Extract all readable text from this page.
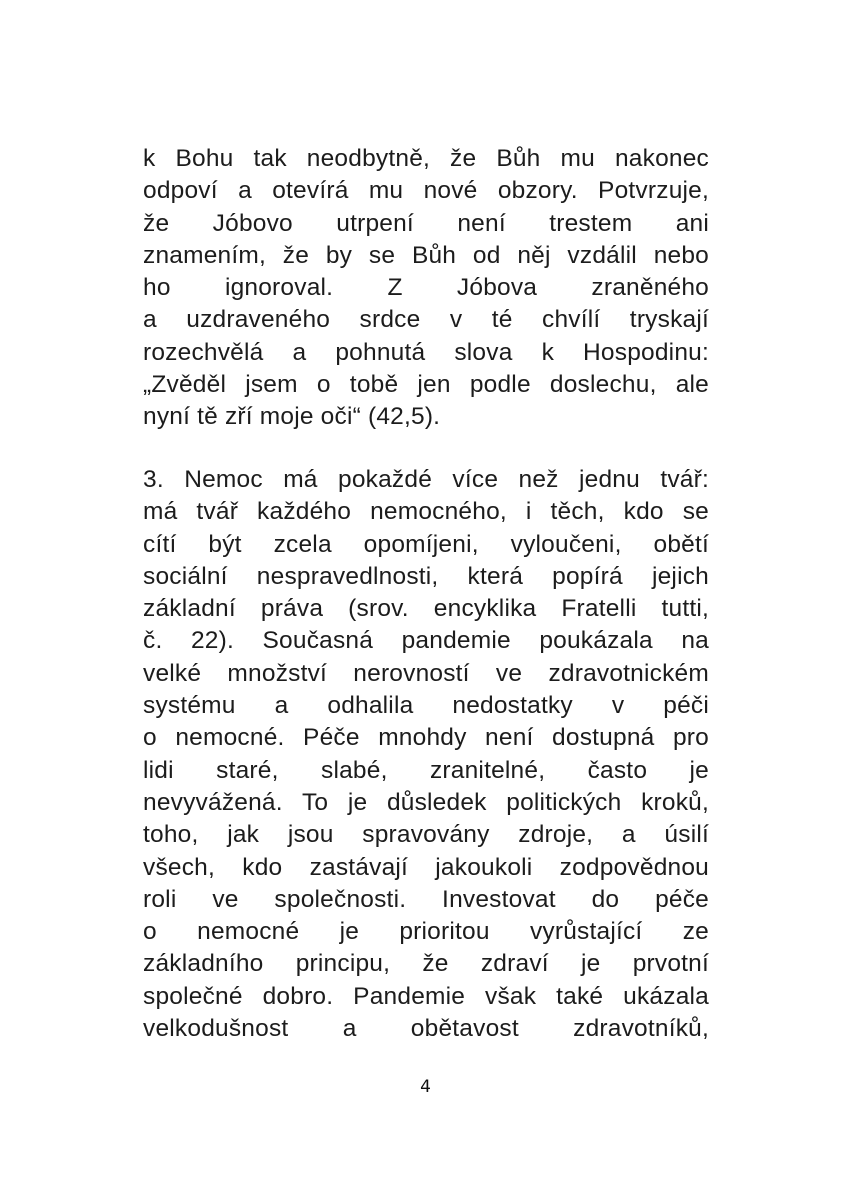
k Bohu tak neodbytně, že Bůh mu nakonec
odpoví a otevírá mu nové obzory. Potvrzuje,
že Jóbovo utrpení není trestem ani
znamením, že by se Bůh od něj vzdálil nebo
ho ignoroval. Z Jóbova zraněného
a uzdraveného srdce v té chvílí tryskají
rozechvělá a pohnutá slova k Hospodinu:
„Zvěděl jsem o tobě jen podle doslechu, ale
nyní tě zří moje oči“ (42,5).
3. Nemoc má pokaždé více než jednu tvář:
má tvář každého nemocného, i těch, kdo se
cítí být zcela opomíjeni, vyloučeni, obětí
sociální nespravedlnosti, která popírá jejich
základní práva (srov. encyklika Fratelli tutti,
č. 22). Současná pandemie poukázala na
velké množství nerovností ve zdravotnickém
systému a odhalila nedostatky v péči
o nemocné. Péče mnohdy není dostupná pro
lidi staré, slabé, zranitelné, často je
nevyvážená. To je důsledek politických kroků,
toho, jak jsou spravovány zdroje, a úsilí
všech, kdo zastávají jakoukoli zodpovědnou
roli ve společnosti. Investovat do péče
o nemocné je prioritou vyrůstající ze
základního principu, že zdraví je prvotní
společné dobro. Pandemie však také ukázala
velkodušnost a obětavost zdravotníků,
4
